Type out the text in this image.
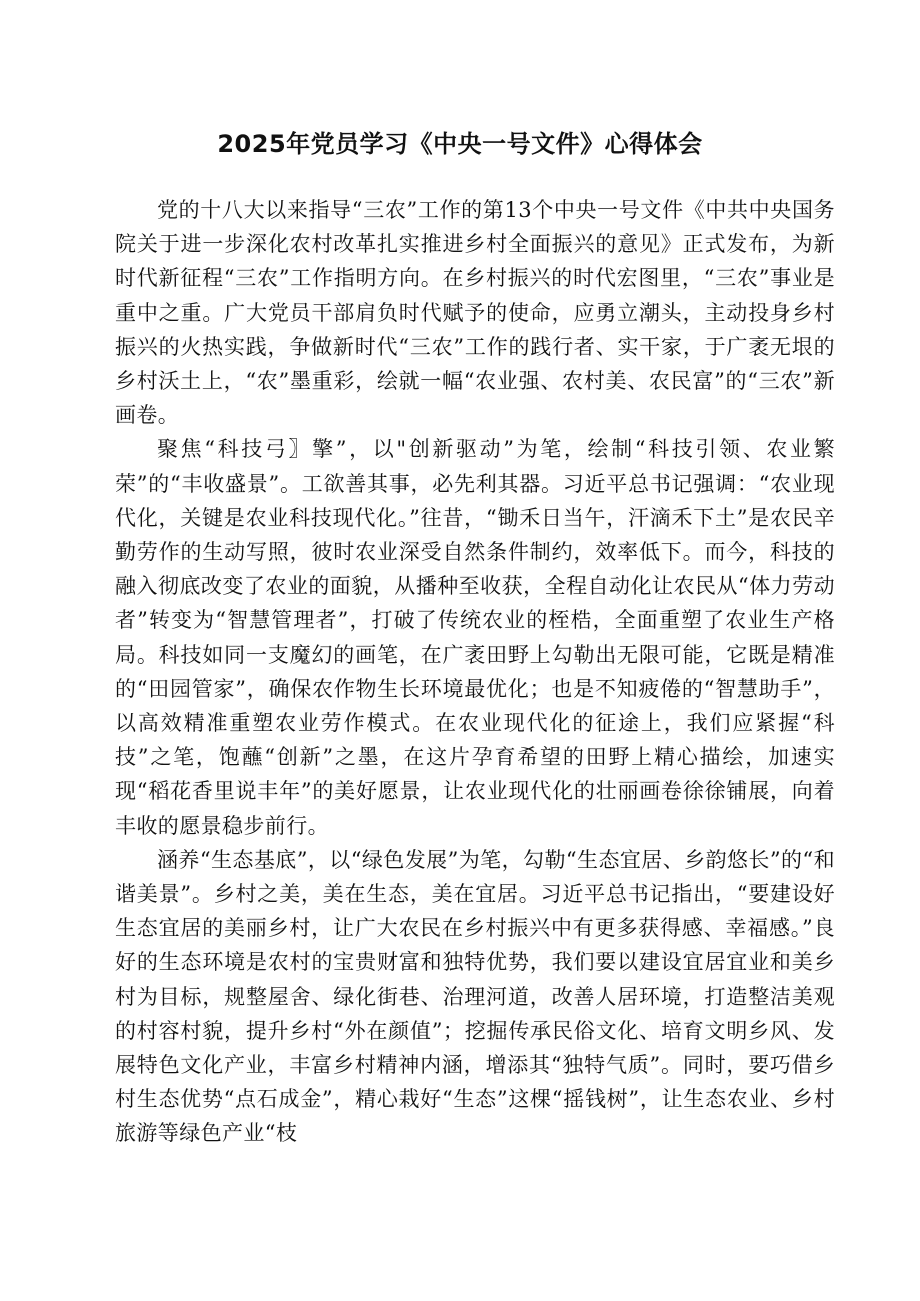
2025年党员学习《中央一号文件》心得体会

党的十八大以来指导“三农”工作的第13个中央一号文件《中共中央国务院关于进一步深化农村改革扎实推进乡村全面振兴的意见》正式发布，为新时代新征程“三农”工作指明方向。在乡村振兴的时代宏图里，“三农”事业是重中之重。广大党员干部肩负时代赋予的使命，应勇立潮头，主动投身乡村振兴的火热实践，争做新时代“三农”工作的践行者、实干家，于广袤无垠的乡村沃土上，“农”墨重彩，绘就一幅“农业强、农村美、农民富”的“三农”新画卷。

聚焦“科技弓〗擎”，以"创新驱动”为笔，绘制“科技引领、农业繁荣”的“丰收盛景”。工欲善其事，必先利其器。习近平总书记强调：“农业现代化，关键是农业科技现代化。”往昔，“锄禾日当午，汗滴禾下土”是农民辛勤劳作的生动写照，彼时农业深受自然条件制约，效率低下。而今，科技的融入彻底改变了农业的面貌，从播种至收获，全程自动化让农民从“体力劳动者”转变为“智慧管理者”，打破了传统农业的桎梏，全面重塑了农业生产格局。科技如同一支魔幻的画笔，在广袤田野上勾勒出无限可能，它既是精准的“田园管家”，确保农作物生长环境最优化；也是不知疲倦的“智慧助手”，以高效精准重塑农业劳作模式。在农业现代化的征途上，我们应紧握“科技”之笔，饱蘸“创新”之墨，在这片孕育希望的田野上精心描绘，加速实现“稻花香里说丰年”的美好愿景，让农业现代化的壮丽画卷徐徐铺展，向着丰收的愿景稳步前行。

涵养“生态基底”，以“绿色发展”为笔，勾勒“生态宜居、乡韵悠长”的“和谐美景”。乡村之美，美在生态，美在宜居。习近平总书记指出，“要建设好生态宜居的美丽乡村，让广大农民在乡村振兴中有更多获得感、幸福感。”良好的生态环境是农村的宝贵财富和独特优势，我们要以建设宜居宜业和美乡村为目标，规整屋舍、绿化街巷、治理河道，改善人居环境，打造整洁美观的村容村貌，提升乡村“外在颜值”；挖掘传承民俗文化、培育文明乡风、发展特色文化产业，丰富乡村精神内涵，增添其“独特气质”。同时，要巧借乡村生态优势“点石成金”，精心栽好“生态”这棵“摇钱树”，让生态农业、乡村旅游等绿色产业“枝
